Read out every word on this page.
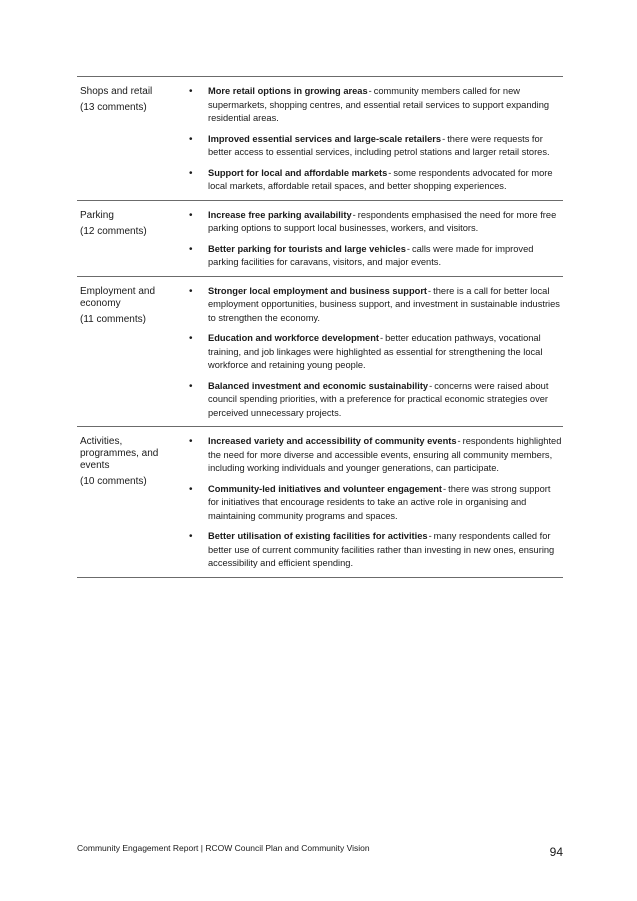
Shops and retail
(13 comments)
• More retail options in growing areas- community members called for new supermarkets, shopping centres, and essential retail services to support expanding residential areas.
• Improved essential services and large-scale retailers- there were requests for better access to essential services, including petrol stations and larger retail stores.
• Support for local and affordable markets- some respondents advocated for more local markets, affordable retail spaces, and better shopping experiences.
Parking
(12 comments)
• Increase free parking availability- respondents emphasised the need for more free parking options to support local businesses, workers, and visitors.
• Better parking for tourists and large vehicles- calls were made for improved parking facilities for caravans, visitors, and major events.
Employment and economy
(11 comments)
• Stronger local employment and business support- there is a call for better local employment opportunities, business support, and investment in sustainable industries to strengthen the economy.
• Education and workforce development- better education pathways, vocational training, and job linkages were highlighted as essential for strengthening the local workforce and retaining young people.
• Balanced investment and economic sustainability- concerns were raised about council spending priorities, with a preference for practical economic strategies over perceived unnecessary projects.
Activities, programmes, and events
(10 comments)
• Increased variety and accessibility of community events- respondents highlighted the need for more diverse and accessible events, ensuring all community members, including working individuals and younger generations, can participate.
• Community-led initiatives and volunteer engagement- there was strong support for initiatives that encourage residents to take an active role in organising and maintaining community programs and spaces.
• Better utilisation of existing facilities for activities- many respondents called for better use of current community facilities rather than investing in new ones, ensuring accessibility and efficient spending.
Community Engagement Report | RCOW Council Plan and Community Vision	94
